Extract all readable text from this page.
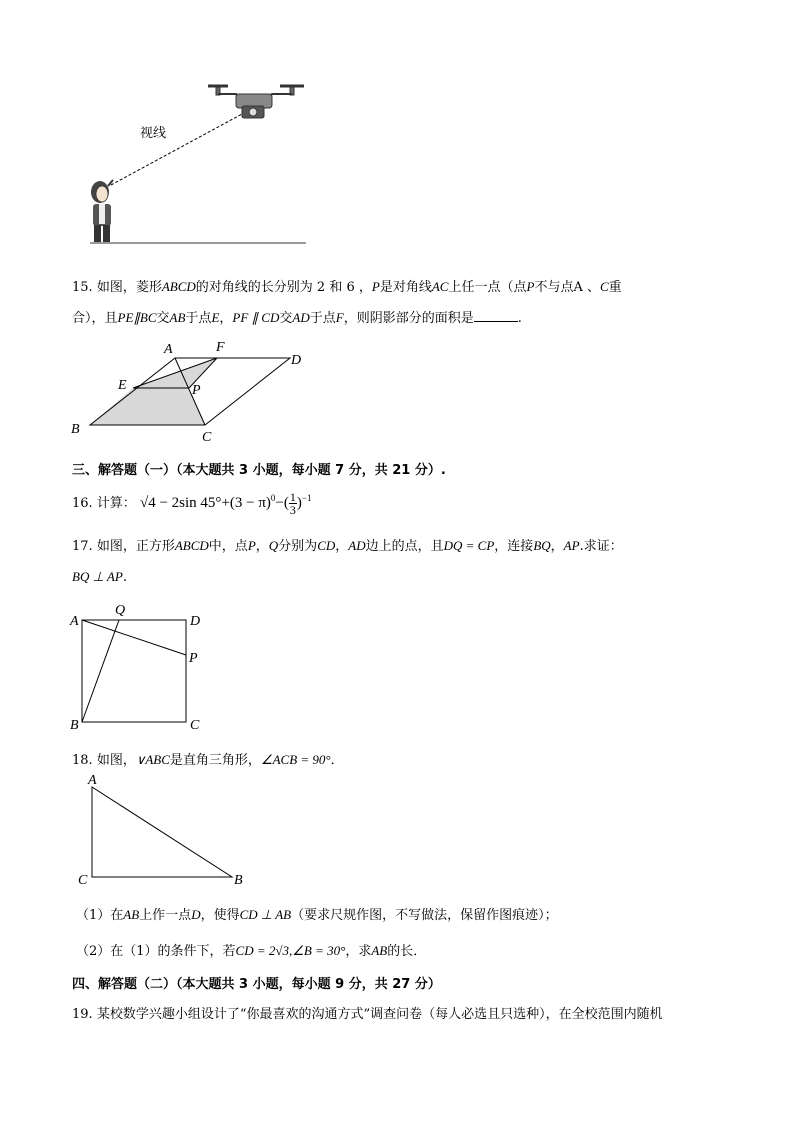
视线
15. 如图，菱形ABCD的对角线的长分别为 2 和 6 ，P是对角线AC上任一点（点P不与点A 、C重
合），且PE∥BC交AB于点E，PF ∥ CD交AD于点F，则阴影部分的面积是	.
A	F
D
E	P
B
C
三、解答题（一）（本大题共 3 小题，每小题 7 分，共 21 分）.
16. 计算： √4 − 2sin $45^\circ+(3 - \pi)^0-( \frac{1}{3} )^{-1}$
17. 如图，正方形ABCD中，点P，Q分别为CD，AD边上的点，且DQ = CP，连接BQ，AP.求证：
BQ ⊥ AP.
A
Q
D
P
B	C
18. 如图，∨ABC是直角三角形，∠ACB = 90°．
A
C	B
（1）在AB上作一点D，使得CD ⊥ AB（要求尺规作图，不写做法，保留作图痕迹）；
（2）在（1）的条件下，若CD = 2√3,∠B = 30°，求AB的长．
四、解答题（二）（本大题共 3 小题，每小题 9 分，共 27 分）
19. 某校数学兴趣小组设计了“你最喜欢的沟通方式”调查问卷（每人必选且只选种），在全校范围内随机
